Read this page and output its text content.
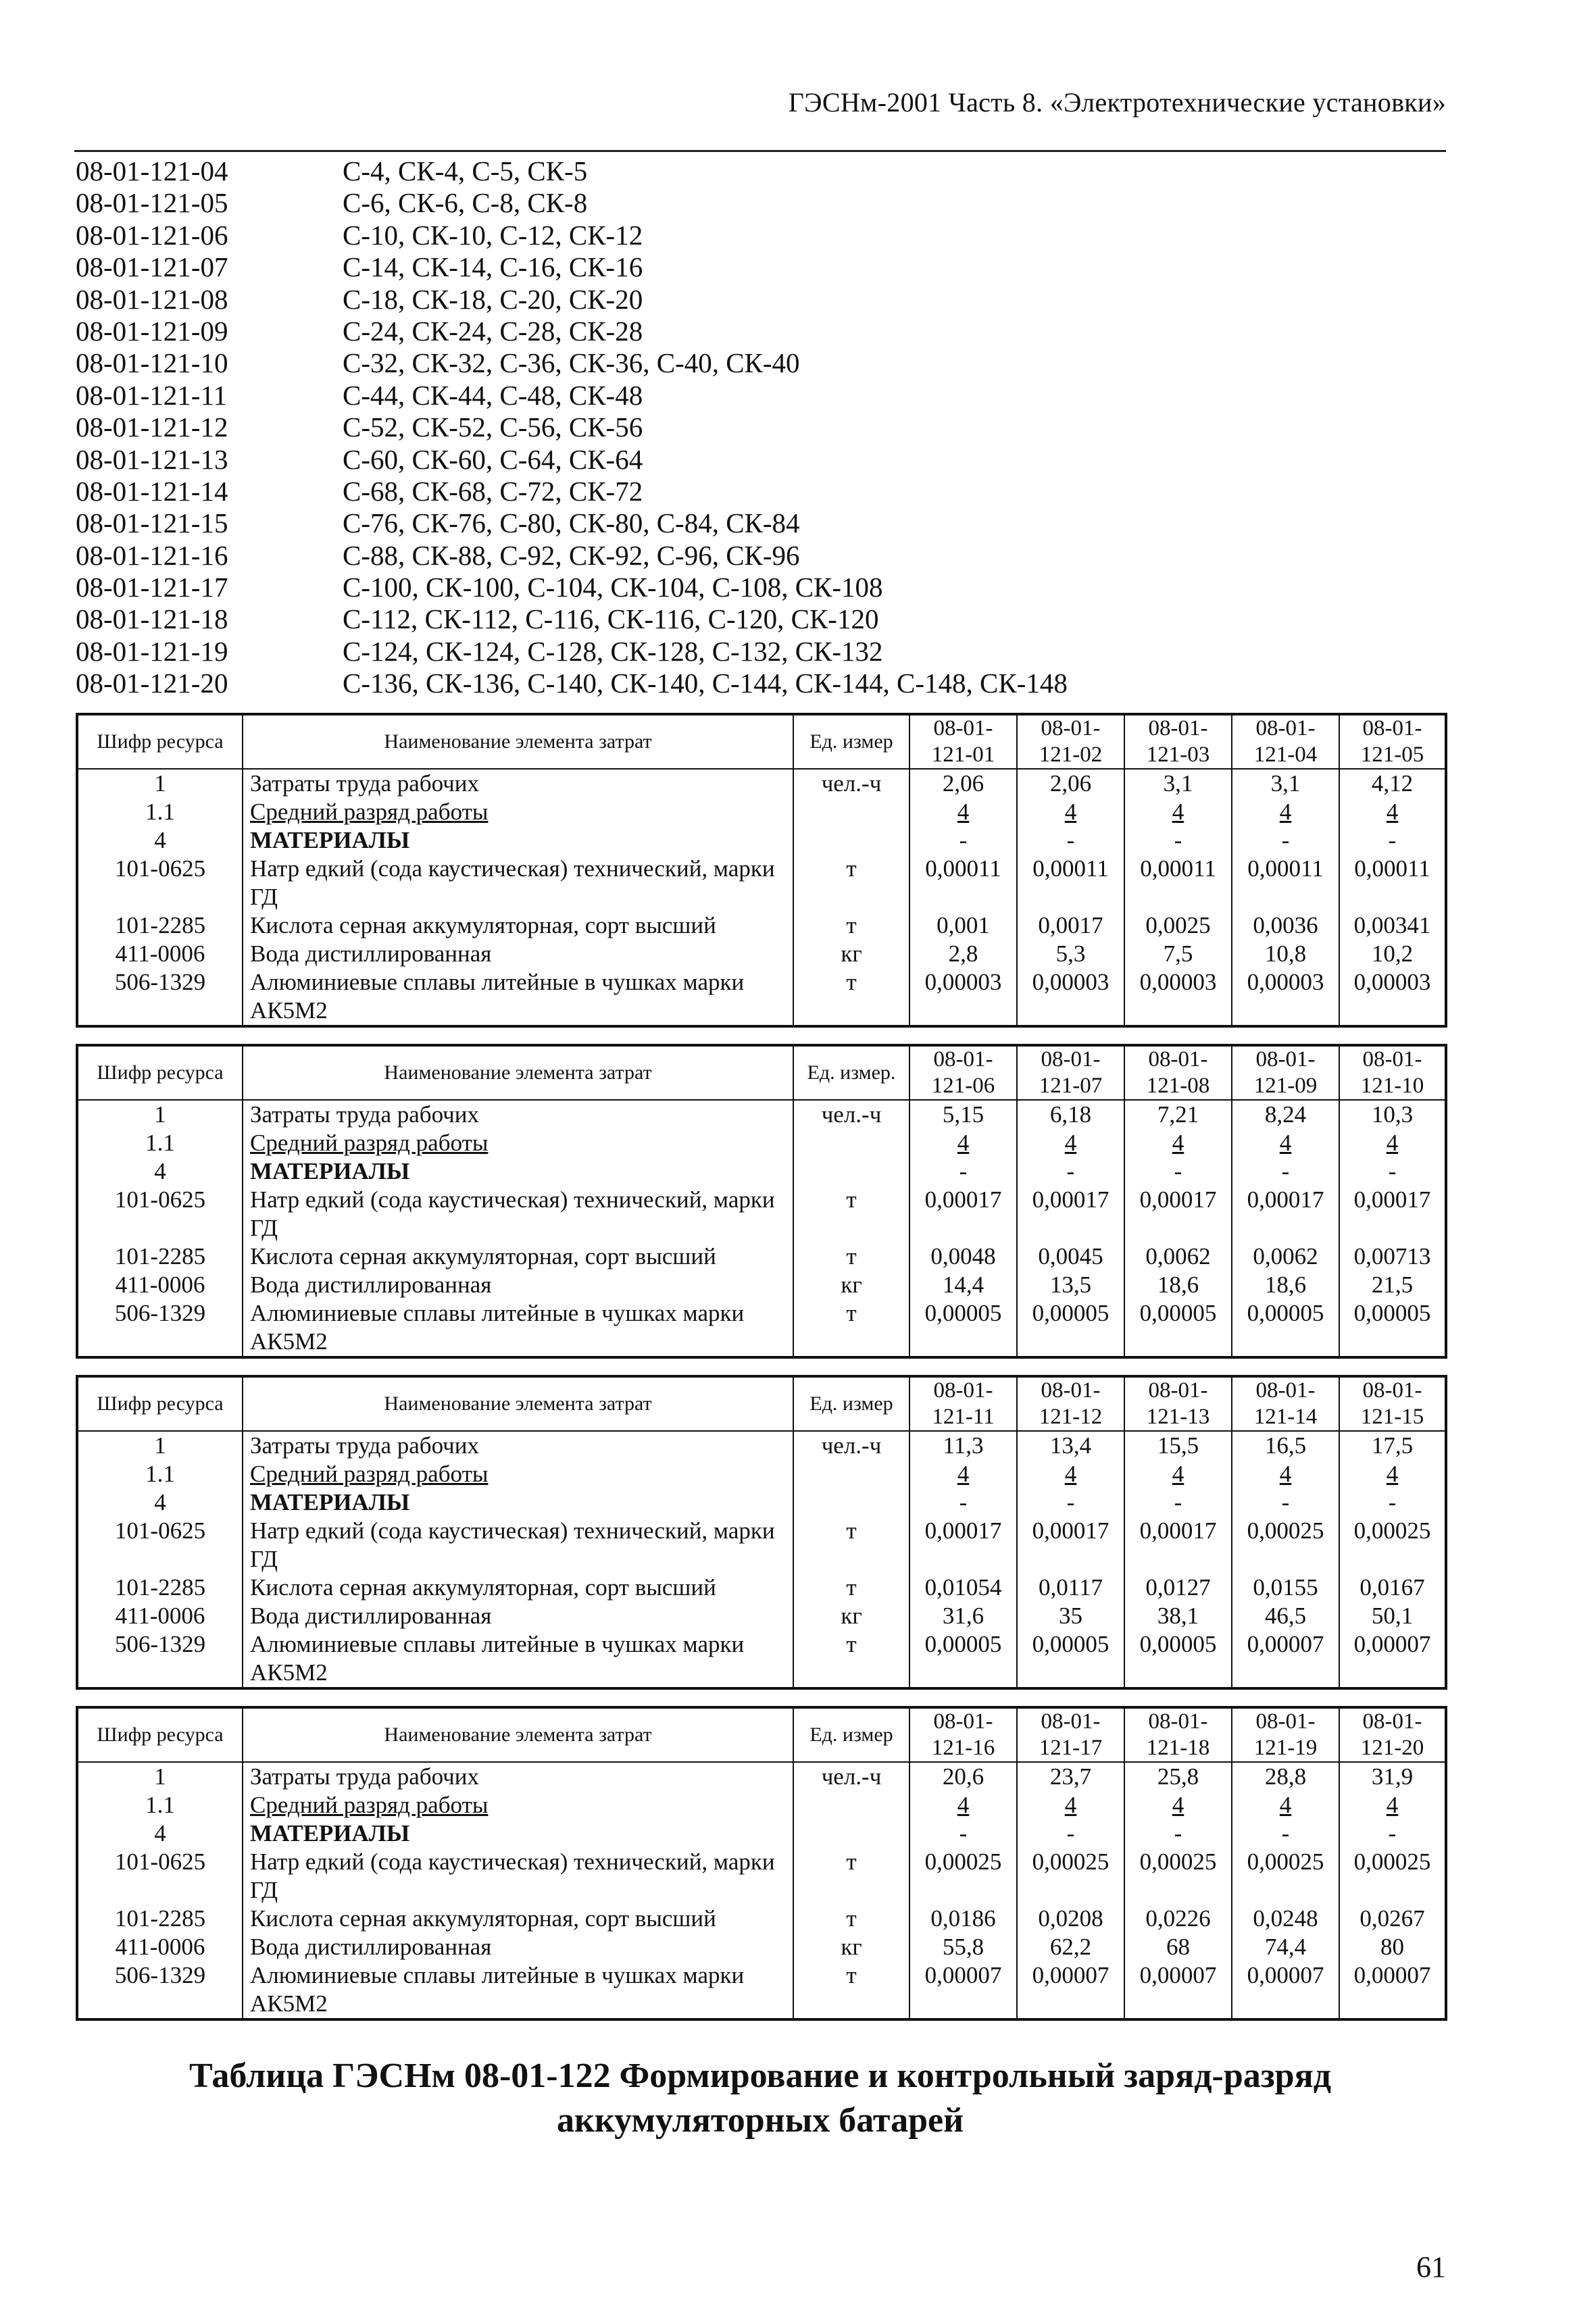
ГЭСНм-2001 Часть 8. «Электротехнические установки»
08-01-121-04	С-4, СК-4, С-5, СК-5
08-01-121-05	С-6, СК-6, С-8, СК-8
08-01-121-06	С-10, СК-10, С-12, СК-12
08-01-121-07	С-14, СК-14, С-16, СК-16
08-01-121-08	С-18, СК-18, С-20, СК-20
08-01-121-09	С-24, СК-24, С-28, СК-28
08-01-121-10	С-32, СК-32, С-36, СК-36, С-40, СК-40
08-01-121-11	С-44, СК-44, С-48, СК-48
08-01-121-12	С-52, СК-52, С-56, СК-56
08-01-121-13	С-60, СК-60, С-64, СК-64
08-01-121-14	С-68, СК-68, С-72, СК-72
08-01-121-15	С-76, СК-76, С-80, СК-80, С-84, СК-84
08-01-121-16	С-88, СК-88, С-92, СК-92, С-96, СК-96
08-01-121-17	С-100, СК-100, С-104, СК-104, С-108, СК-108
08-01-121-18	С-112, СК-112, С-116, СК-116, С-120, СК-120
08-01-121-19	С-124, СК-124, С-128, СК-128, С-132, СК-132
08-01-121-20	С-136, СК-136, С-140, СК-140, С-144, СК-144, С-148, СК-148
Шифр ресурса	Наименование элемента затрат	Ед. измер	08-01-121-01	08-01-121-02	08-01-121-03	08-01-121-04	08-01-121-05
1	Затраты труда рабочих	чел.-ч	2,06	2,06	3,1	3,1	4,12
1.1	Средний разряд работы		4	4	4	4	4
4	МАТЕРИАЛЫ		-	-	-	-	-
101-0625	Натр едкий (сода каустическая) технический, марки ГД	т	0,00011	0,00011	0,00011	0,00011	0,00011
101-2285	Кислота серная аккумуляторная, сорт высший	т	0,001	0,0017	0,0025	0,0036	0,00341
411-0006	Вода дистиллированная	кг	2,8	5,3	7,5	10,8	10,2
506-1329	Алюминиевые сплавы литейные в чушках марки АК5М2	т	0,00003	0,00003	0,00003	0,00003	0,00003
Шифр ресурса	Наименование элемента затрат	Ед. измер.	08-01-121-06	08-01-121-07	08-01-121-08	08-01-121-09	08-01-121-10
1	Затраты труда рабочих	чел.-ч	5,15	6,18	7,21	8,24	10,3
1.1	Средний разряд работы		4	4	4	4	4
4	МАТЕРИАЛЫ		-	-	-	-	-
101-0625	Натр едкий (сода каустическая) технический, марки ГД	т	0,00017	0,00017	0,00017	0,00017	0,00017
101-2285	Кислота серная аккумуляторная, сорт высший	т	0,0048	0,0045	0,0062	0,0062	0,00713
411-0006	Вода дистиллированная	кг	14,4	13,5	18,6	18,6	21,5
506-1329	Алюминиевые сплавы литейные в чушках марки АК5М2	т	0,00005	0,00005	0,00005	0,00005	0,00005
Шифр ресурса	Наименование элемента затрат	Ед. измер	08-01-121-11	08-01-121-12	08-01-121-13	08-01-121-14	08-01-121-15
1	Затраты труда рабочих	чел.-ч	11,3	13,4	15,5	16,5	17,5
1.1	Средний разряд работы		4	4	4	4	4
4	МАТЕРИАЛЫ		-	-	-	-	-
101-0625	Натр едкий (сода каустическая) технический, марки ГД	т	0,00017	0,00017	0,00017	0,00025	0,00025
101-2285	Кислота серная аккумуляторная, сорт высший	т	0,01054	0,0117	0,0127	0,0155	0,0167
411-0006	Вода дистиллированная	кг	31,6	35	38,1	46,5	50,1
506-1329	Алюминиевые сплавы литейные в чушках марки АК5М2	т	0,00005	0,00005	0,00005	0,00007	0,00007
Шифр ресурса	Наименование элемента затрат	Ед. измер	08-01-121-16	08-01-121-17	08-01-121-18	08-01-121-19	08-01-121-20
1	Затраты труда рабочих	чел.-ч	20,6	23,7	25,8	28,8	31,9
1.1	Средний разряд работы		4	4	4	4	4
4	МАТЕРИАЛЫ		-	-	-	-	-
101-0625	Натр едкий (сода каустическая) технический, марки ГД	т	0,00025	0,00025	0,00025	0,00025	0,00025
101-2285	Кислота серная аккумуляторная, сорт высший	т	0,0186	0,0208	0,0226	0,0248	0,0267
411-0006	Вода дистиллированная	кг	55,8	62,2	68	74,4	80
506-1329	Алюминиевые сплавы литейные в чушках марки АК5М2	т	0,00007	0,00007	0,00007	0,00007	0,00007
Таблица ГЭСНм 08-01-122 Формирование и контрольный заряд-разряд аккумуляторных батарей
61
